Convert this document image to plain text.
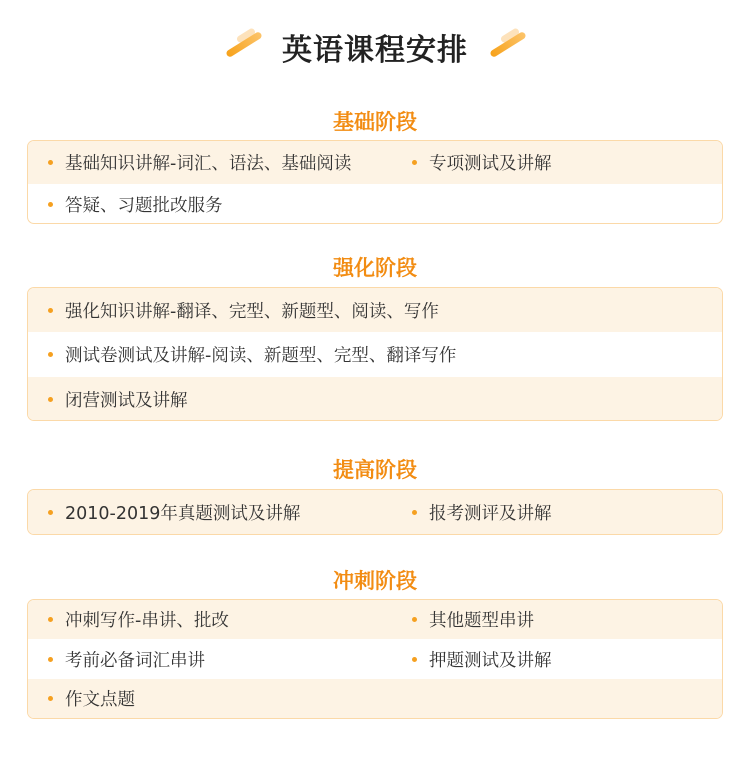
英语课程安排
基础阶段
基础知识讲解-词汇、语法、基础阅读	专项测试及讲解
答疑、习题批改服务
强化阶段
强化知识讲解-翻译、完型、新题型、阅读、写作
测试卷测试及讲解-阅读、新题型、完型、翻译写作
闭营测试及讲解
提高阶段
2010-2019年真题测试及讲解	报考测评及讲解
冲刺阶段
冲刺写作-串讲、批改	其他题型串讲
考前必备词汇串讲	押题测试及讲解
作文点题
